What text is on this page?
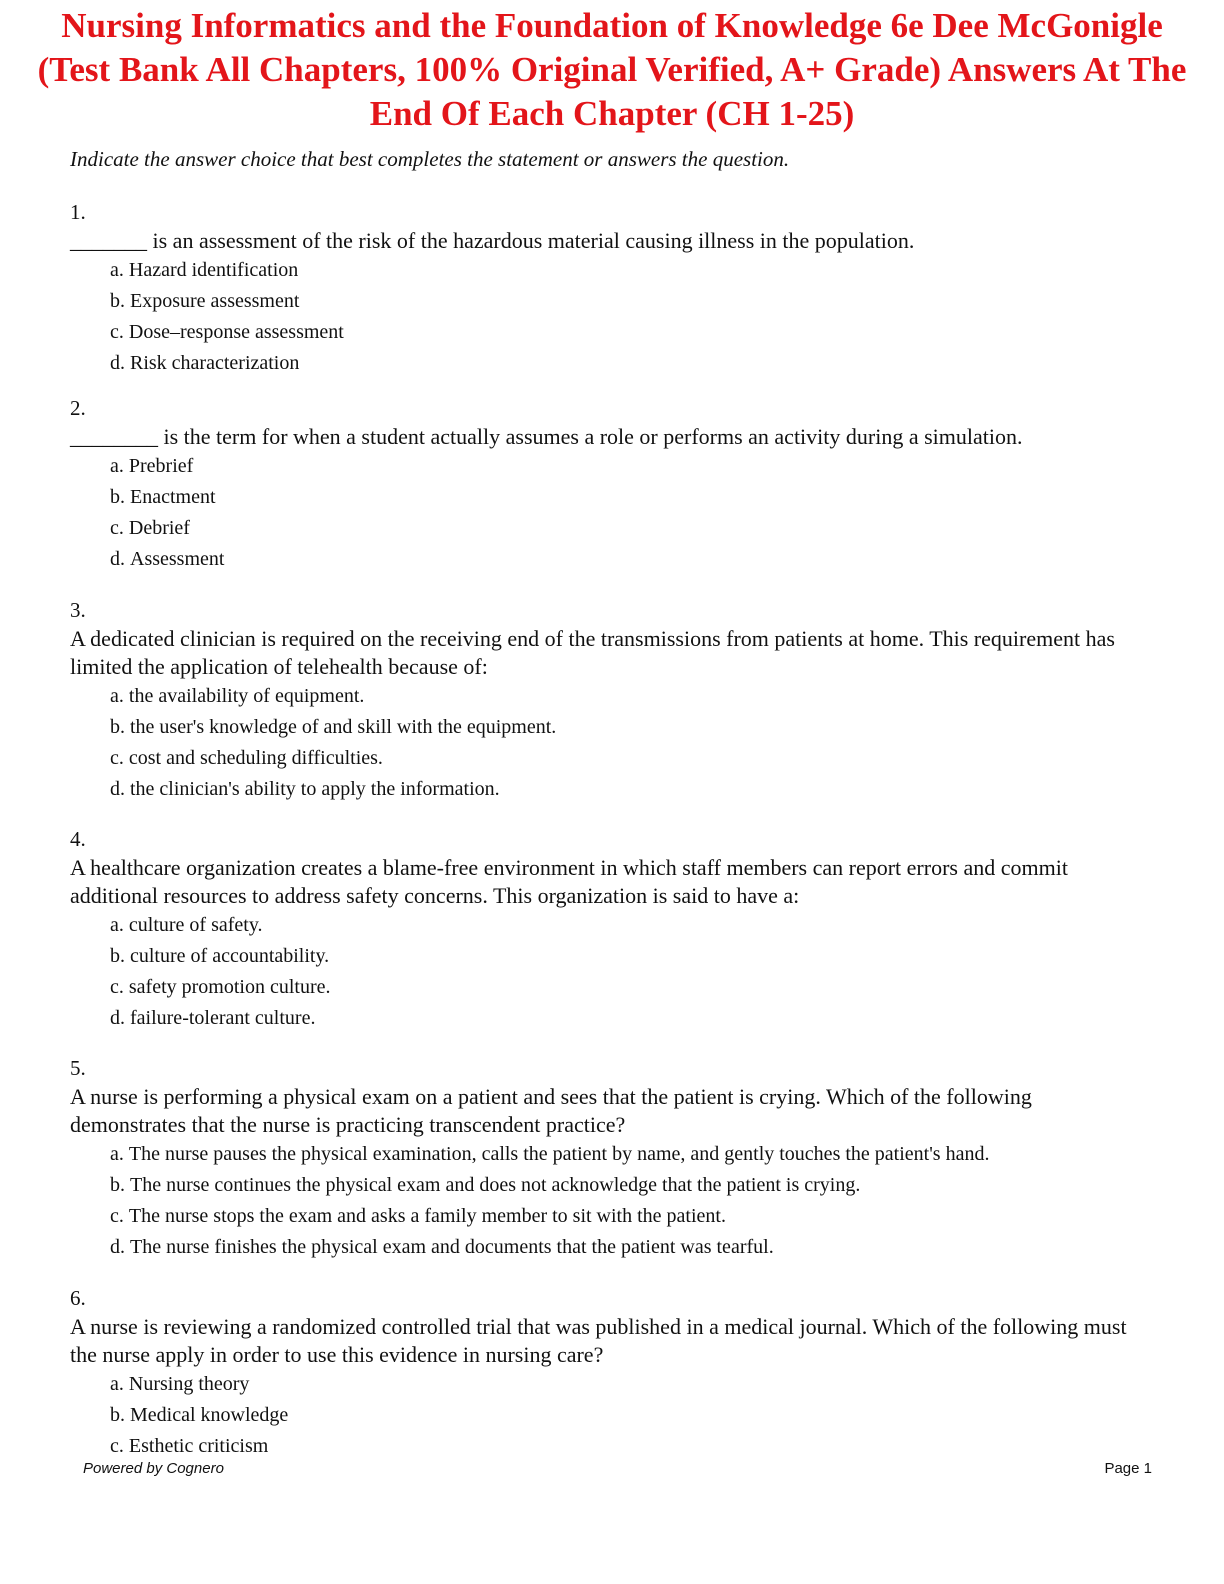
Nursing Informatics and the Foundation of Knowledge 6e Dee McGonigle (Test Bank All Chapters, 100% Original Verified, A+ Grade) Answers At The End Of Each Chapter (CH 1-25)

Indicate the answer choice that best completes the statement or answers the question.

1.
_______ is an assessment of the risk of the hazardous material causing illness in the population.
a. Hazard identification
b. Exposure assessment
c. Dose–response assessment
d. Risk characterization
2.
________ is the term for when a student actually assumes a role or performs an activity during a simulation.
a. Prebrief
b. Enactment
c. Debrief
d. Assessment
3.
A dedicated clinician is required on the receiving end of the transmissions from patients at home. This requirement has limited the application of telehealth because of:
a. the availability of equipment.
b. the user's knowledge of and skill with the equipment.
c. cost and scheduling difficulties.
d. the clinician's ability to apply the information.
4.
A healthcare organization creates a blame-free environment in which staff members can report errors and commit additional resources to address safety concerns. This organization is said to have a:
a. culture of safety.
b. culture of accountability.
c. safety promotion culture.
d. failure-tolerant culture.
5.
A nurse is performing a physical exam on a patient and sees that the patient is crying. Which of the following demonstrates that the nurse is practicing transcendent practice?
a. The nurse pauses the physical examination, calls the patient by name, and gently touches the patient's hand.
b. The nurse continues the physical exam and does not acknowledge that the patient is crying.
c. The nurse stops the exam and asks a family member to sit with the patient.
d. The nurse finishes the physical exam and documents that the patient was tearful.
6.
A nurse is reviewing a randomized controlled trial that was published in a medical journal. Which of the following must the nurse apply in order to use this evidence in nursing care?
a. Nursing theory
b. Medical knowledge
c. Esthetic criticism
Powered by Cognero	Page 1
